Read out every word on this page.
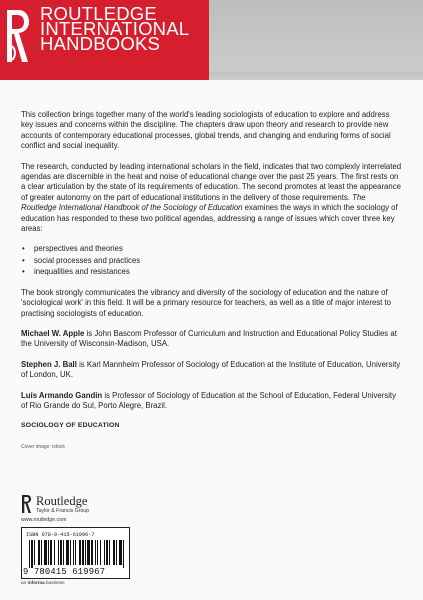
ROUTLEDGE
INTERNATIONAL
HANDBOOKS

This collection brings together many of the world's leading sociologists of education to explore and address key issues and concerns within the discipline. The chapters draw upon theory and research to provide new accounts of contemporary educational processes, global trends, and changing and enduring forms of social conflict and social inequality.

The research, conducted by leading international scholars in the field, indicates that two complexly interrelated agendas are discernible in the heat and noise of educational change over the past 25 years. The first rests on a clear articulation by the state of its requirements of education. The second promotes at least the appearance of greater autonomy on the part of educational institutions in the delivery of those requirements. The Routledge International Handbook of the Sociology of Education examines the ways in which the sociology of education has responded to these two political agendas, addressing a range of issues which cover three key areas:

• perspectives and theories
• social processes and practices
• inequalities and resistances

The book strongly communicates the vibrancy and diversity of the sociology of education and the nature of 'sociological work' in this field. It will be a primary resource for teachers, as well as a title of major interest to practising sociologists of education.

Michael W. Apple is John Bascom Professor of Curriculum and Instruction and Educational Policy Studies at the University of Wisconsin-Madison, USA.

Stephen J. Ball is Karl Mannheim Professor of Sociology of Education at the Institute of Education, University of London, UK.

Luís Armando Gandin is Professor of Sociology of Education at the School of Education, Federal University of Rio Grande do Sul, Porto Alegre, Brazil.

SOCIOLOGY OF EDUCATION
Cover image: istock
Routledge
Taylor & Francis Group
www.routledge.com
ISBN 978-0-415-61996-7
9 780415 619967
an informa business
